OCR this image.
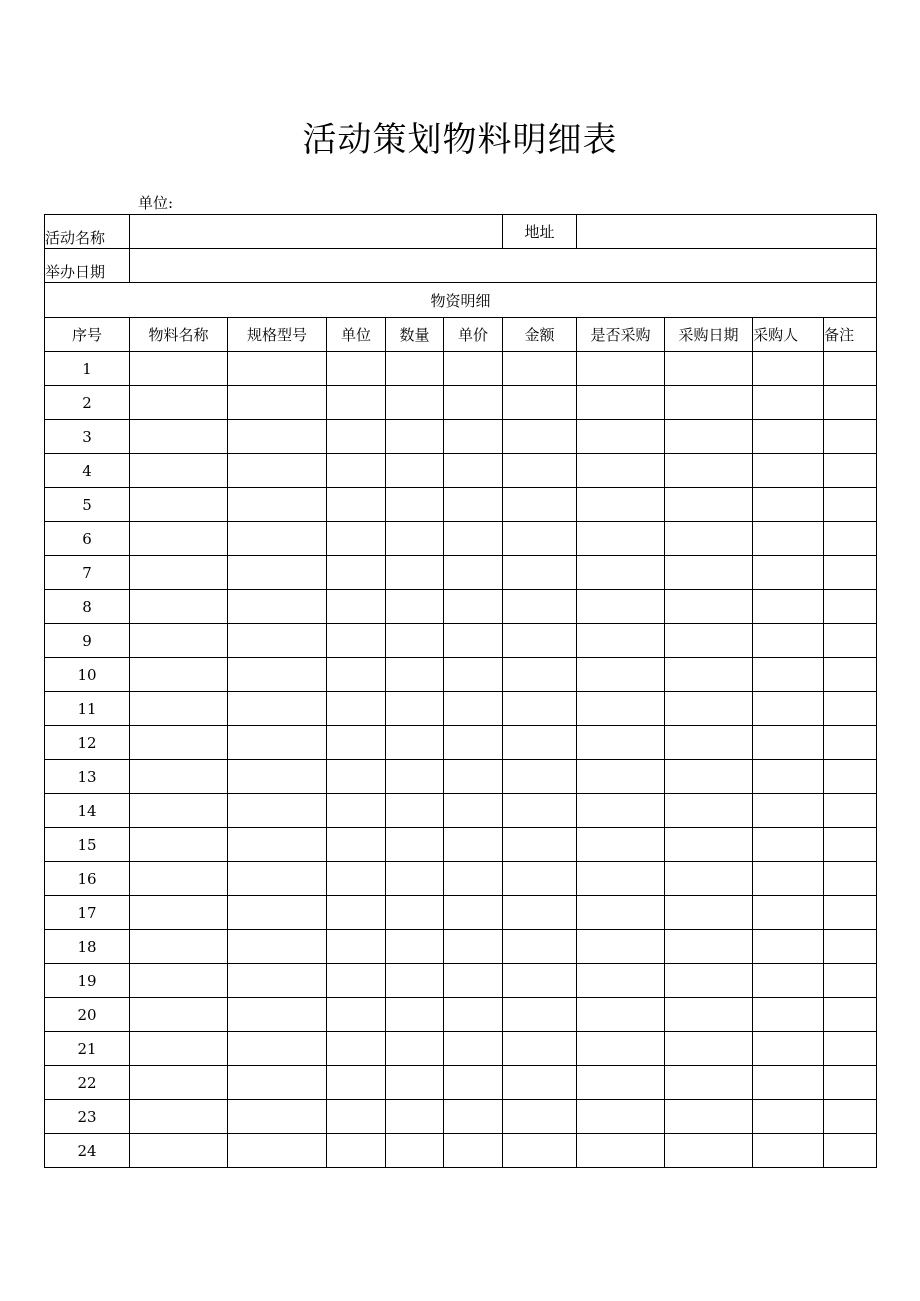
活动策划物料明细表
单位:
活动名称						地址				
举办日期										
物资明细										
序号	物料名称	规格型号	单位	数量	单价	金额	是否采购	采购日期	采购人	备注
1										
2										
3										
4										
5										
6										
7										
8										
9										
10										
11										
12										
13										
14										
15										
16										
17										
18										
19										
20										
21										
22										
23										
24										
